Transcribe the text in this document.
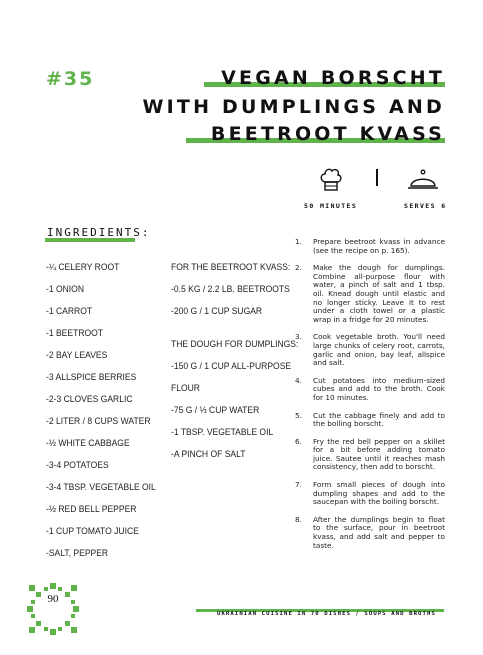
#35	VEGAN BORSCHT
WITH DUMPLINGS AND
BEETROOT KVASS
50 MINUTES	SERVES 6
INGREDIENTS:
-¼ CELERY ROOT
-1 ONION
-1 CARROT
-1 BEETROOT
-2 BAY LEAVES
-3 ALLSPICE BERRIES
-2-3 CLOVES GARLIC
-2 LITER / 8 CUPS WATER
-½ WHITE CABBAGE
-3-4 POTATOES
-3-4 TBSP. VEGETABLE OIL
-½ RED BELL PEPPER
-1 CUP TOMATO JUICE
-SALT, PEPPER
FOR THE BEETROOT KVASS:
-0.5 KG / 2.2 LB. BEETROOTS
-200 G / 1 CUP SUGAR
THE DOUGH FOR DUMPLINGS:
-150 G / 1 CUP ALL-PURPOSE
FLOUR
-75 G / ⅓ CUP WATER
-1 TBSP. VEGETABLE OIL
-A PINCH OF SALT
1. Prepare beetroot kvass in advance (see the recipe on p. 165).
2. Make the dough for dumplings. Combine all-purpose flour with water, a pinch of salt and 1 tbsp. oil. Knead dough until elastic and no longer sticky. Leave it to rest under a cloth towel or a plastic wrap in a fridge for 20 minutes.
3. Cook vegetable broth. You'll need large chunks of celery root, carrots, garlic and onion, bay leaf, allspice and salt.
4. Cut potatoes into medium-sized cubes and add to the broth. Cook for 10 minutes.
5. Cut the cabbage finely and add to the boiling borscht.
6. Fry the red bell pepper on a skillet for a bit before adding tomato juice. Sautee until it reaches mash consistency, then add to borscht.
7. Form small pieces of dough into dumpling shapes and add to the saucepan with the boiling borscht.
8. After the dumplings begin to float to the surface, pour in beetroot kvass, and add salt and pepper to taste.
90
UKRAINIAN CUISINE IN 70 DISHES / SOUPS AND BROTHS
